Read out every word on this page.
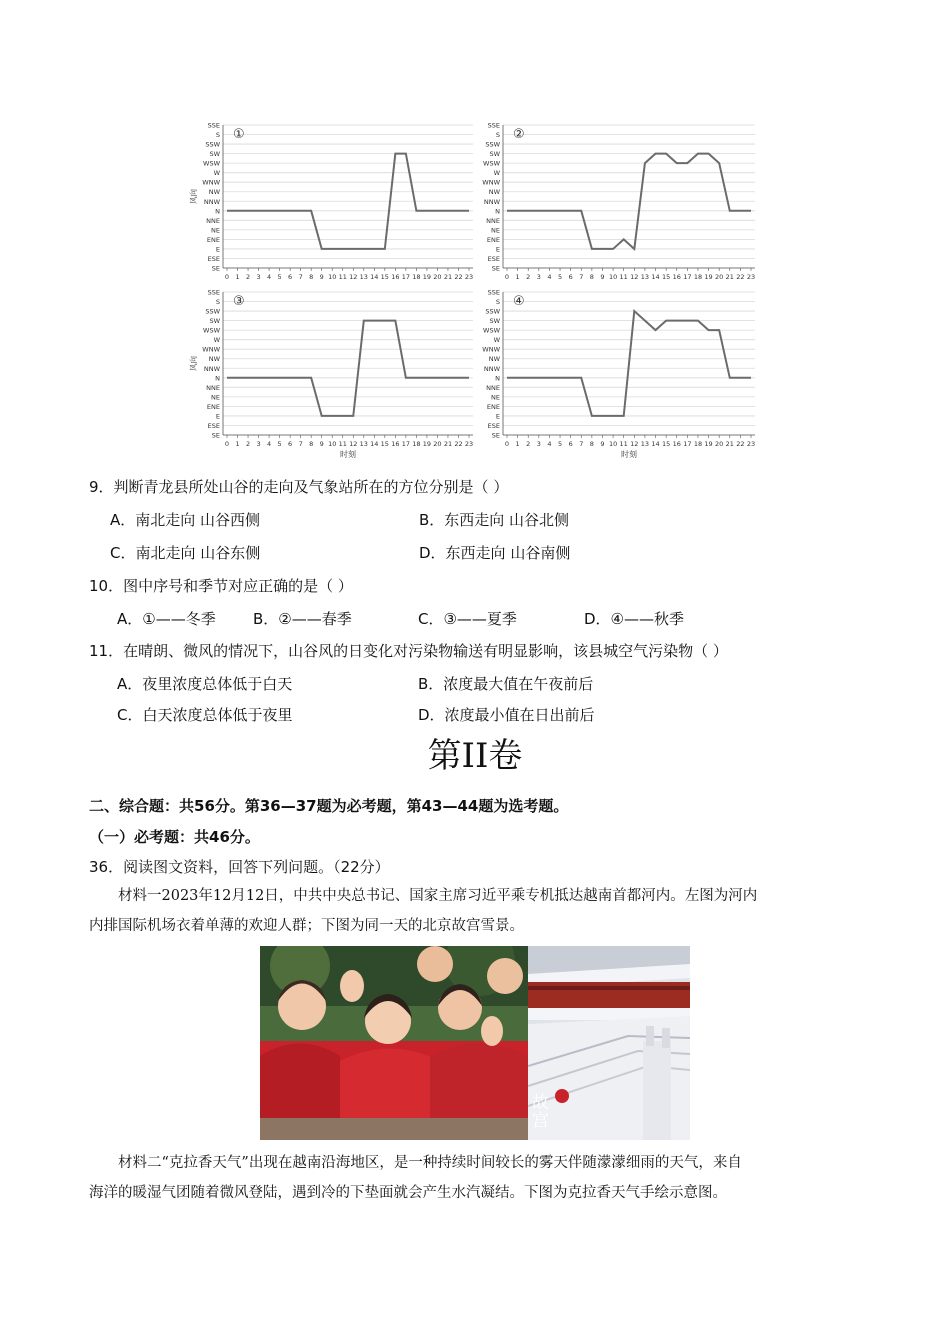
SSE
S
SSW
SW
WSW
W
WNW
NW
NNW
N
NNE
NE
ENE
E
ESE
SE
0 1 2 3 4 5 6 7 8 9 10 11 12 13 14 15 16 17 18 19 20 21 22 23
风向
①
SSE
S
SSW
SW
WSW
W
WNW
NW
NNW
N
NNE
NE
ENE
E
ESE
SE
0 1 2 3 4 5 6 7 8 9 10 11 12 13 14 15 16 17 18 19 20 21 22 23
②
SSE
S
SSW
SW
WSW
W
WNW
NW
NNW
N
NNE
NE
ENE
E
ESE
SE
0 1 2 3 4 5 6 7 8 9 10 11 12 13 14 15 16 17 18 19 20 21 22 23
风向
③
时刻
SSE
S
SSW
SW
WSW
W
WNW
NW
NNW
N
NNE
NE
ENE
E
ESE
SE
0 1 2 3 4 5 6 7 8 9 10 11 12 13 14 15 16 17 18 19 20 21 22 23
④
时刻
9．判断青龙县所处山谷的走向及气象站所在的方位分别是（ ）
A．南北走向 山谷西侧	B．东西走向 山谷北侧
C．南北走向 山谷东侧	D．东西走向 山谷南侧
10．图中序号和季节对应正确的是（ ）
A．①——冬季 B．②——春季	C．③——夏季	D．④——秋季
11．在晴朗、微风的情况下，山谷风的日变化对污染物输送有明显影响，该县城空气污染物（ ）
A．夜里浓度总体低于白天	B．浓度最大值在午夜前后
C．白天浓度总体低于夜里	D．浓度最小值在日出前后
第II卷
二、综合题：共56分。第36—37题为必考题，第43—44题为选考题。
（一）必考题：共46分。
36．阅读图文资料，回答下列问题。（22分）
材料一2023年12月12日，中共中央总书记、国家主席习近平乘专机抵达越南首都河内。左图为河内
内排国际机场衣着单薄的欢迎人群；下图为同一天的北京故宫雪景。
故宫
材料二“克拉香天气”出现在越南沿海地区，是一种持续时间较长的雾天伴随濛濛细雨的天气，来自
海洋的暖湿气团随着微风登陆，遇到冷的下垫面就会产生水汽凝结。下图为克拉香天气手绘示意图。
